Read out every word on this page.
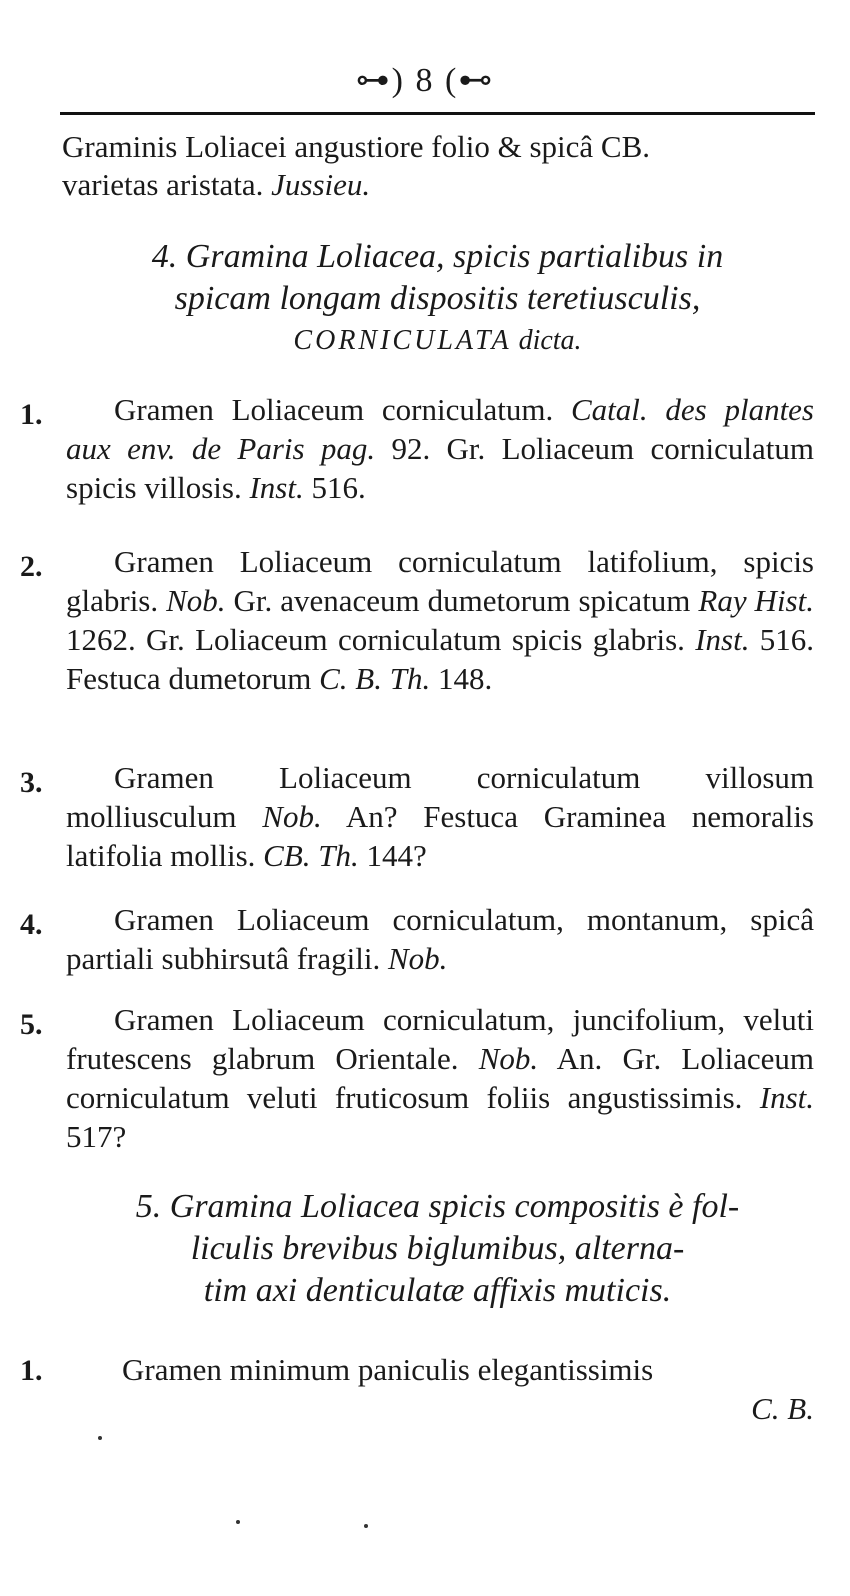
⊶) 8 (⊷
Graminis Loliacei angustiore folio & spicâ CB.
varietas aristata. Jussieu.
4. Gramina Loliacea, spicis partialibus in
spicam longam dispositis teretiusculis,
CORNICULATA dicta.
1.	Gramen Loliaceum corniculatum. Catal. des plantes aux env. de Paris pag. 92. Gr. Loliaceum corniculatum spicis villosis. Inst. 516.
2.	Gramen Loliaceum corniculatum latifolium, spicis glabris. Nob. Gr. avenaceum dumetorum spicatum Ray Hist. 1262. Gr. Loliaceum corniculatum spicis glabris. Inst. 516. Festuca dumetorum C. B. Th. 148.
3.	Gramen Loliaceum corniculatum villosum molliusculum Nob. An? Festuca Graminea nemoralis latifolia mollis. CB. Th. 144?
4.	Gramen Loliaceum corniculatum, montanum, spicâ partiali subhirsutâ fragili. Nob.
5.	Gramen Loliaceum corniculatum, juncifolium, veluti frutescens glabrum Orientale. Nob. An. Gr. Loliaceum corniculatum veluti fruticosum foliis angustissimis. Inst. 517?
5. Gramina Loliacea spicis compositis è fol-
liculis brevibus biglumibus, alterna-
tim axi denticulatæ affixis muticis.
1.	Gramen minimum paniculis elegantissimis
C. B.
